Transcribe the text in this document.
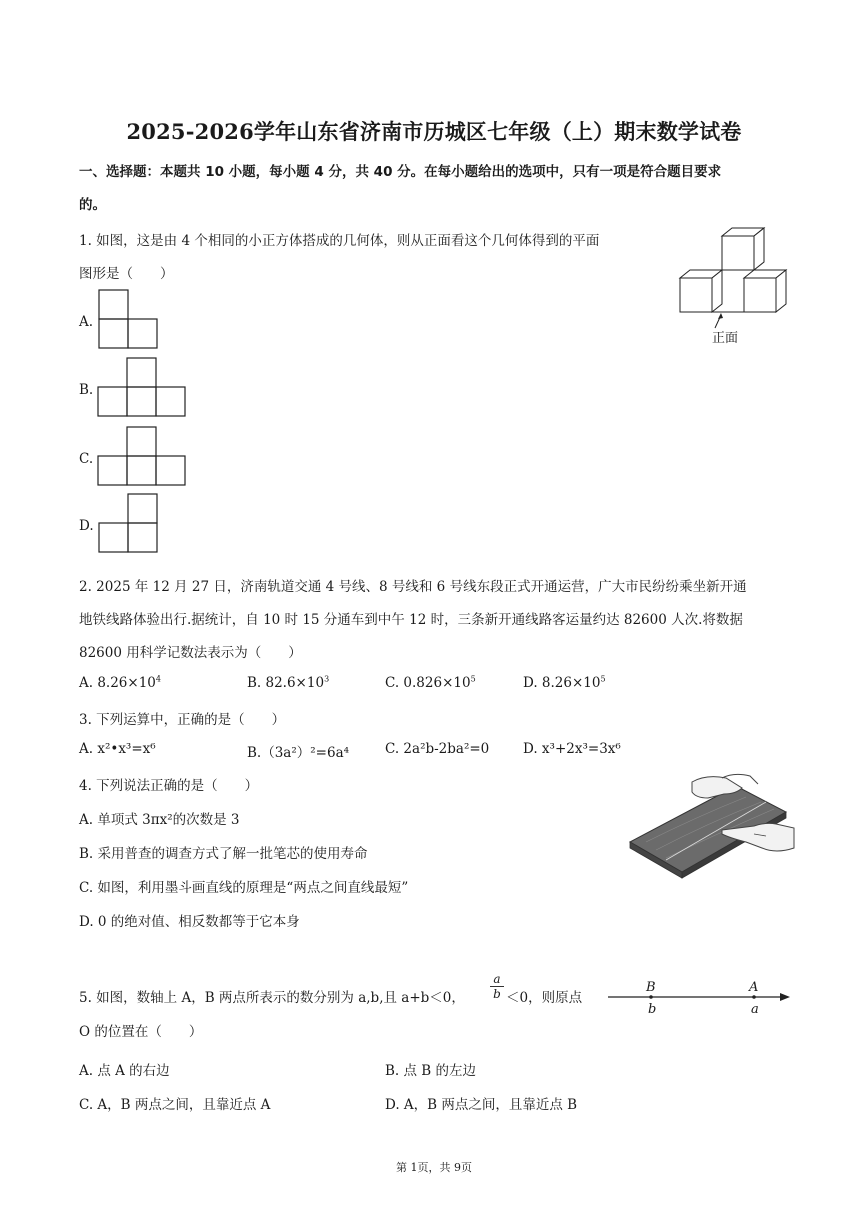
2025-2026学年山东省济南市历城区七年级（上）期末数学试卷
一、选择题：本题共 10 小题，每小题 4 分，共 40 分。在每小题给出的选项中，只有一项是符合题目要求
的。
1. 如图，这是由 4 个相同的小正方体搭成的几何体，则从正面看这个几何体得到的平面
图形是（　　）
正面
A.
B.
C.
D.
2. 2025 年 12 月 27 日，济南轨道交通 4 号线、8 号线和 6 号线东段正式开通运营，广大市民纷纷乘坐新开通
地铁线路体验出行.据统计，自 10 时 15 分通车到中午 12 时，三条新开通线路客运量约达 82600 人次.将数据
82600 用科学记数法表示为（　　）
A. $8.26\times 10^4$	B. $82.6\times 10^3$	C. $0.826\times 10^5$	D. $8.26\times 10^5$
3. 下列运算中，正确的是（　　）
A. x²•x³=x⁶	B.（3a²）²=6a⁴	C. 2a²b-2ba²=0 D. x³+2x³=3x⁶
4. 下列说法正确的是（　　）
A. 单项式 3πx²的次数是 3
B. 采用普查的调查方式了解一批笔芯的使用寿命
C. 如图，利用墨斗画直线的原理是“两点之间直线最短”
D. 0 的绝对值、相反数都等于它本身
5. 如图，数轴上 A，B 两点所表示的数分别为 a,b,且 a+b＜0， $\frac{a}{b} <0$，则原点
O 的位置在（　　）
B
b
A
a
A. 点 A 的右边	B. 点 B 的左边
C. A，B 两点之间，且靠近点 A	D. A，B 两点之间，且靠近点 B
第 1页，共 9页
